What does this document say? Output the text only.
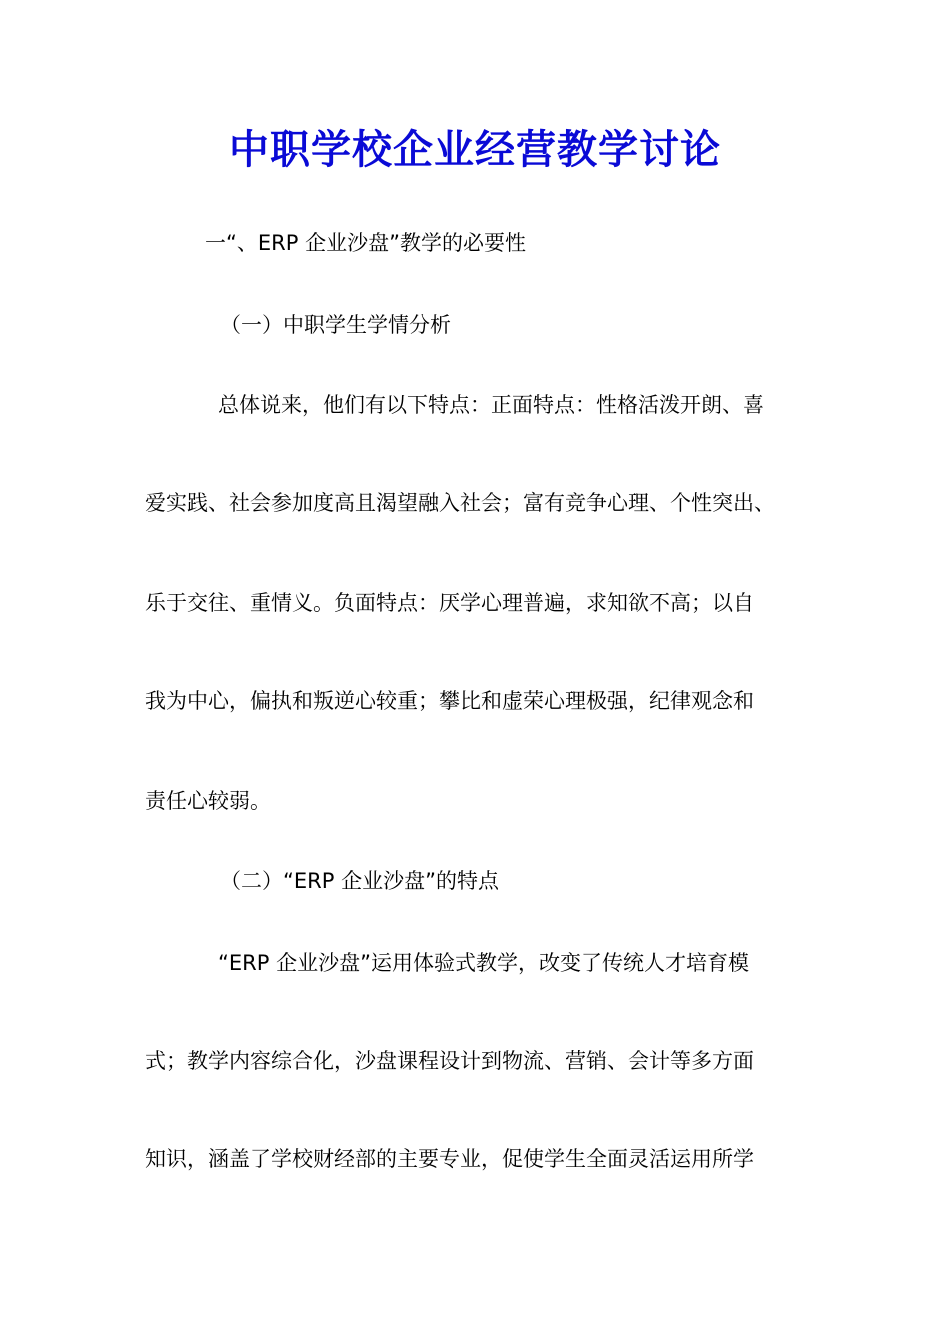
中职学校企业经营教学讨论
一“、ERP 企业沙盘”教学的必要性
（一）中职学生学情分析
总体说来，他们有以下特点：正面特点：性格活泼开朗、喜
爱实践、社会参加度高且渴望融入社会；富有竞争心理、个性突出、
乐于交往、重情义。负面特点：厌学心理普遍，求知欲不高；以自
我为中心，偏执和叛逆心较重；攀比和虚荣心理极强，纪律观念和
责任心较弱。
（二）“ERP 企业沙盘”的特点
“ERP 企业沙盘”运用体验式教学，改变了传统人才培育模
式；教学内容综合化，沙盘课程设计到物流、营销、会计等多方面
知识，涵盖了学校财经部的主要专业，促使学生全面灵活运用所学
